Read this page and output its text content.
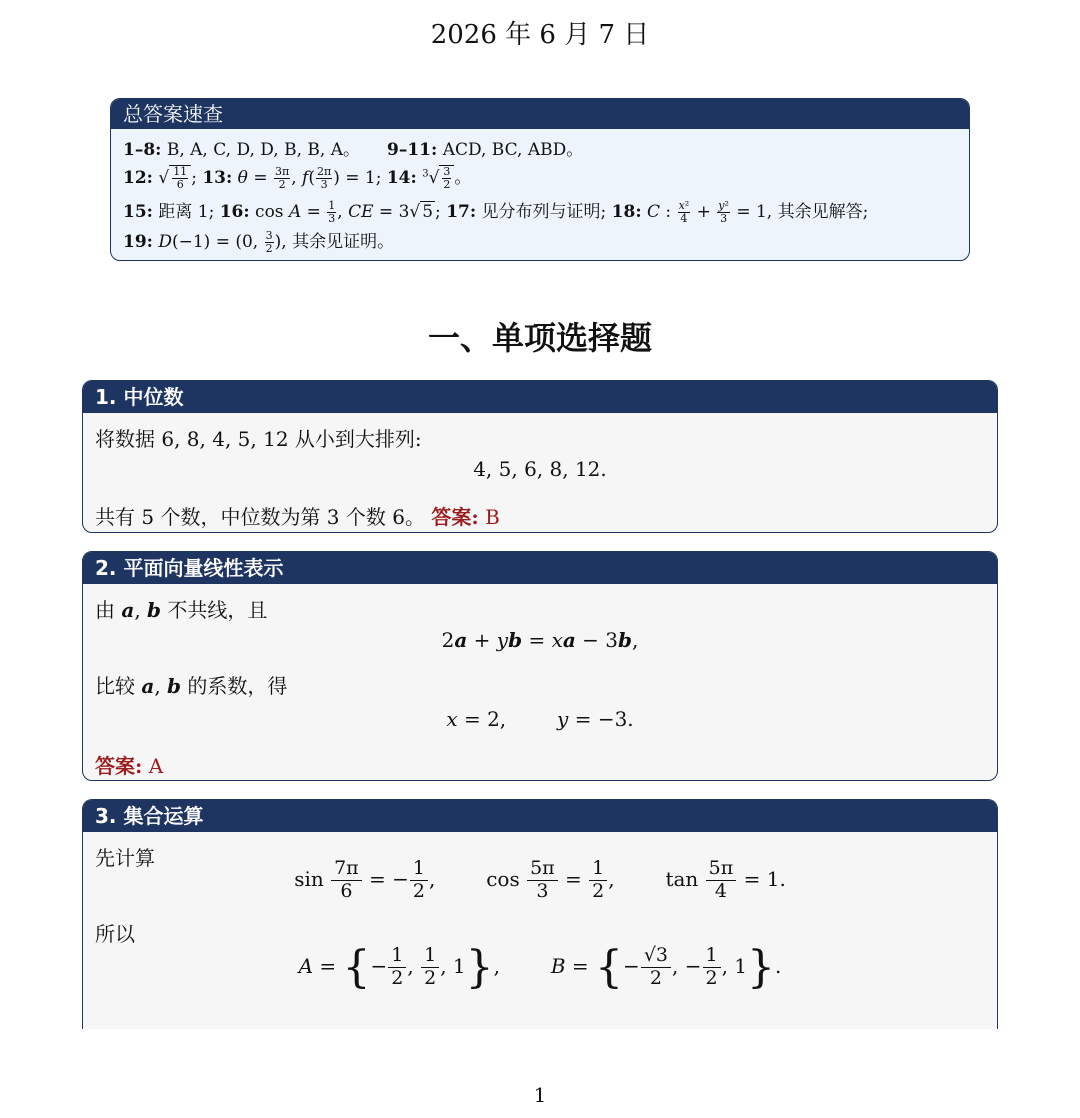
2026 年 6 月 7 日
总答案速查
1–8: B, A, C, D, D, B, B, A。 9–11: ACD, BC, ABD。
12: √ $\frac{11}{6}$ ; 13: $\theta = \frac{3\pi}{2}$ , $f( \frac{2\pi}{3}$ ) = 1; 14: $^3√ \frac{3}{2}$ 。
15: 距离 1; 16: $\cos A = \frac{1}{3}$ , CE = 3√ 5 ; 17: 见分布列与证明; 18: C : $\frac{\text{x²}}{4} + \frac{\text{y²}}{3} = 1$, 其余见解答;
19: D(−1) = (0, $\frac{3}{2}$ ), 其余见证明。
一、单项选择题
1. 中位数
将数据 6, 8, 4, 5, 12 从小到大排列:
4, 5, 6, 8, 12.
共有 5 个数，中位数为第 3 个数 6。 答案: B
2. 平面向量线性表示
由 a, b 不共线，且
2a + yb = xa − 3b,
比较 a, b 的系数，得
x = 2,        y = −3.
答案: A
3. 集合运算
先计算
$\sin \frac{7\pi}{6}$ = − $\frac{1}{2}$ ,        $\cos \frac{5\pi}{3} = \frac{1}{2}$ ,        $\tan \frac{5\pi}{4} = 1$.
所以
A = {− $\frac{1}{2}$ , $\frac{1}{2}$ , 1},        B = {− $\frac{√3}{2}$ , − $\frac{1}{2}$ , 1}.
1
